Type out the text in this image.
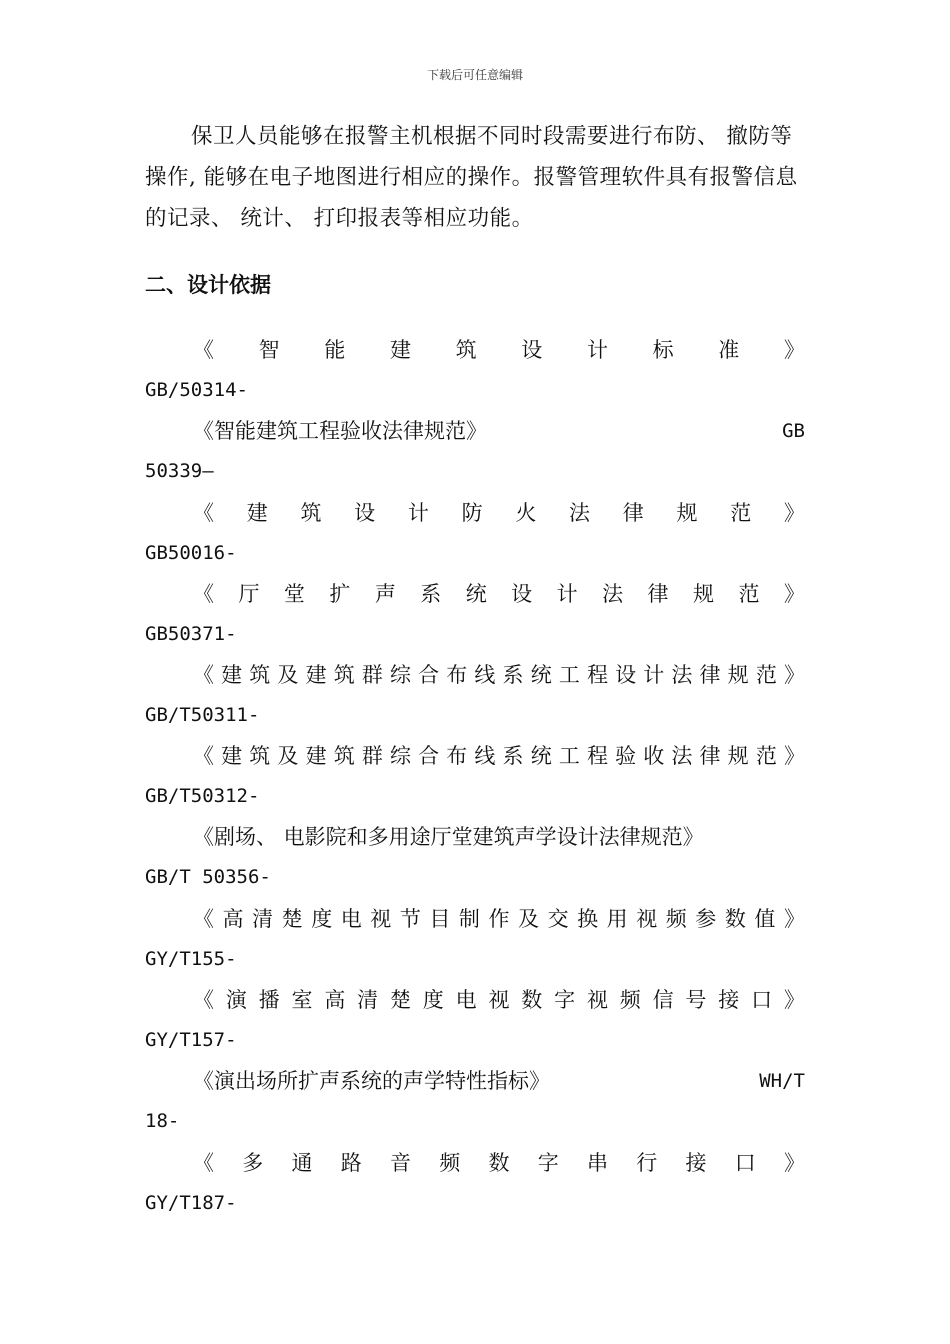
下载后可任意编辑
保卫人员能够在报警主机根据不同时段需要进行布防、 撤防等操作, 能够在电子地图进行相应的操作。报警管理软件具有报警信息的记录、 统计、 打印报表等相应功能。
二、设计依据
《 智 能 建 筑 设 计 标 准 》
GB/50314-
《智能建筑工程验收法律规范》	GB
50339—
《 建 筑 设 计 防 火 法 律 规 范 》
GB50016-
《 厅 堂 扩 声 系 统 设 计 法 律 规 范 》
GB50371-
《 建 筑 及 建 筑 群 综 合 布 线 系 统 工 程 设 计 法 律 规 范 》
GB/T50311-
《 建 筑 及 建 筑 群 综 合 布 线 系 统 工 程 验 收 法 律 规 范 》
GB/T50312-
《剧场、 电影院和多用途厅堂建筑声学设计法律规范》
GB/T 50356-
《 高 清 楚 度 电 视 节 目 制 作 及 交 换 用 视 频 参 数 值 》
GY/T155-
《 演 播 室 高 清 楚 度 电 视 数 字 视 频 信 号 接 口 》
GY/T157-
《演出场所扩声系统的声学特性指标》	WH/T
18-
《 多 通 路 音 频 数 字 串 行 接 口 》
GY/T187-
